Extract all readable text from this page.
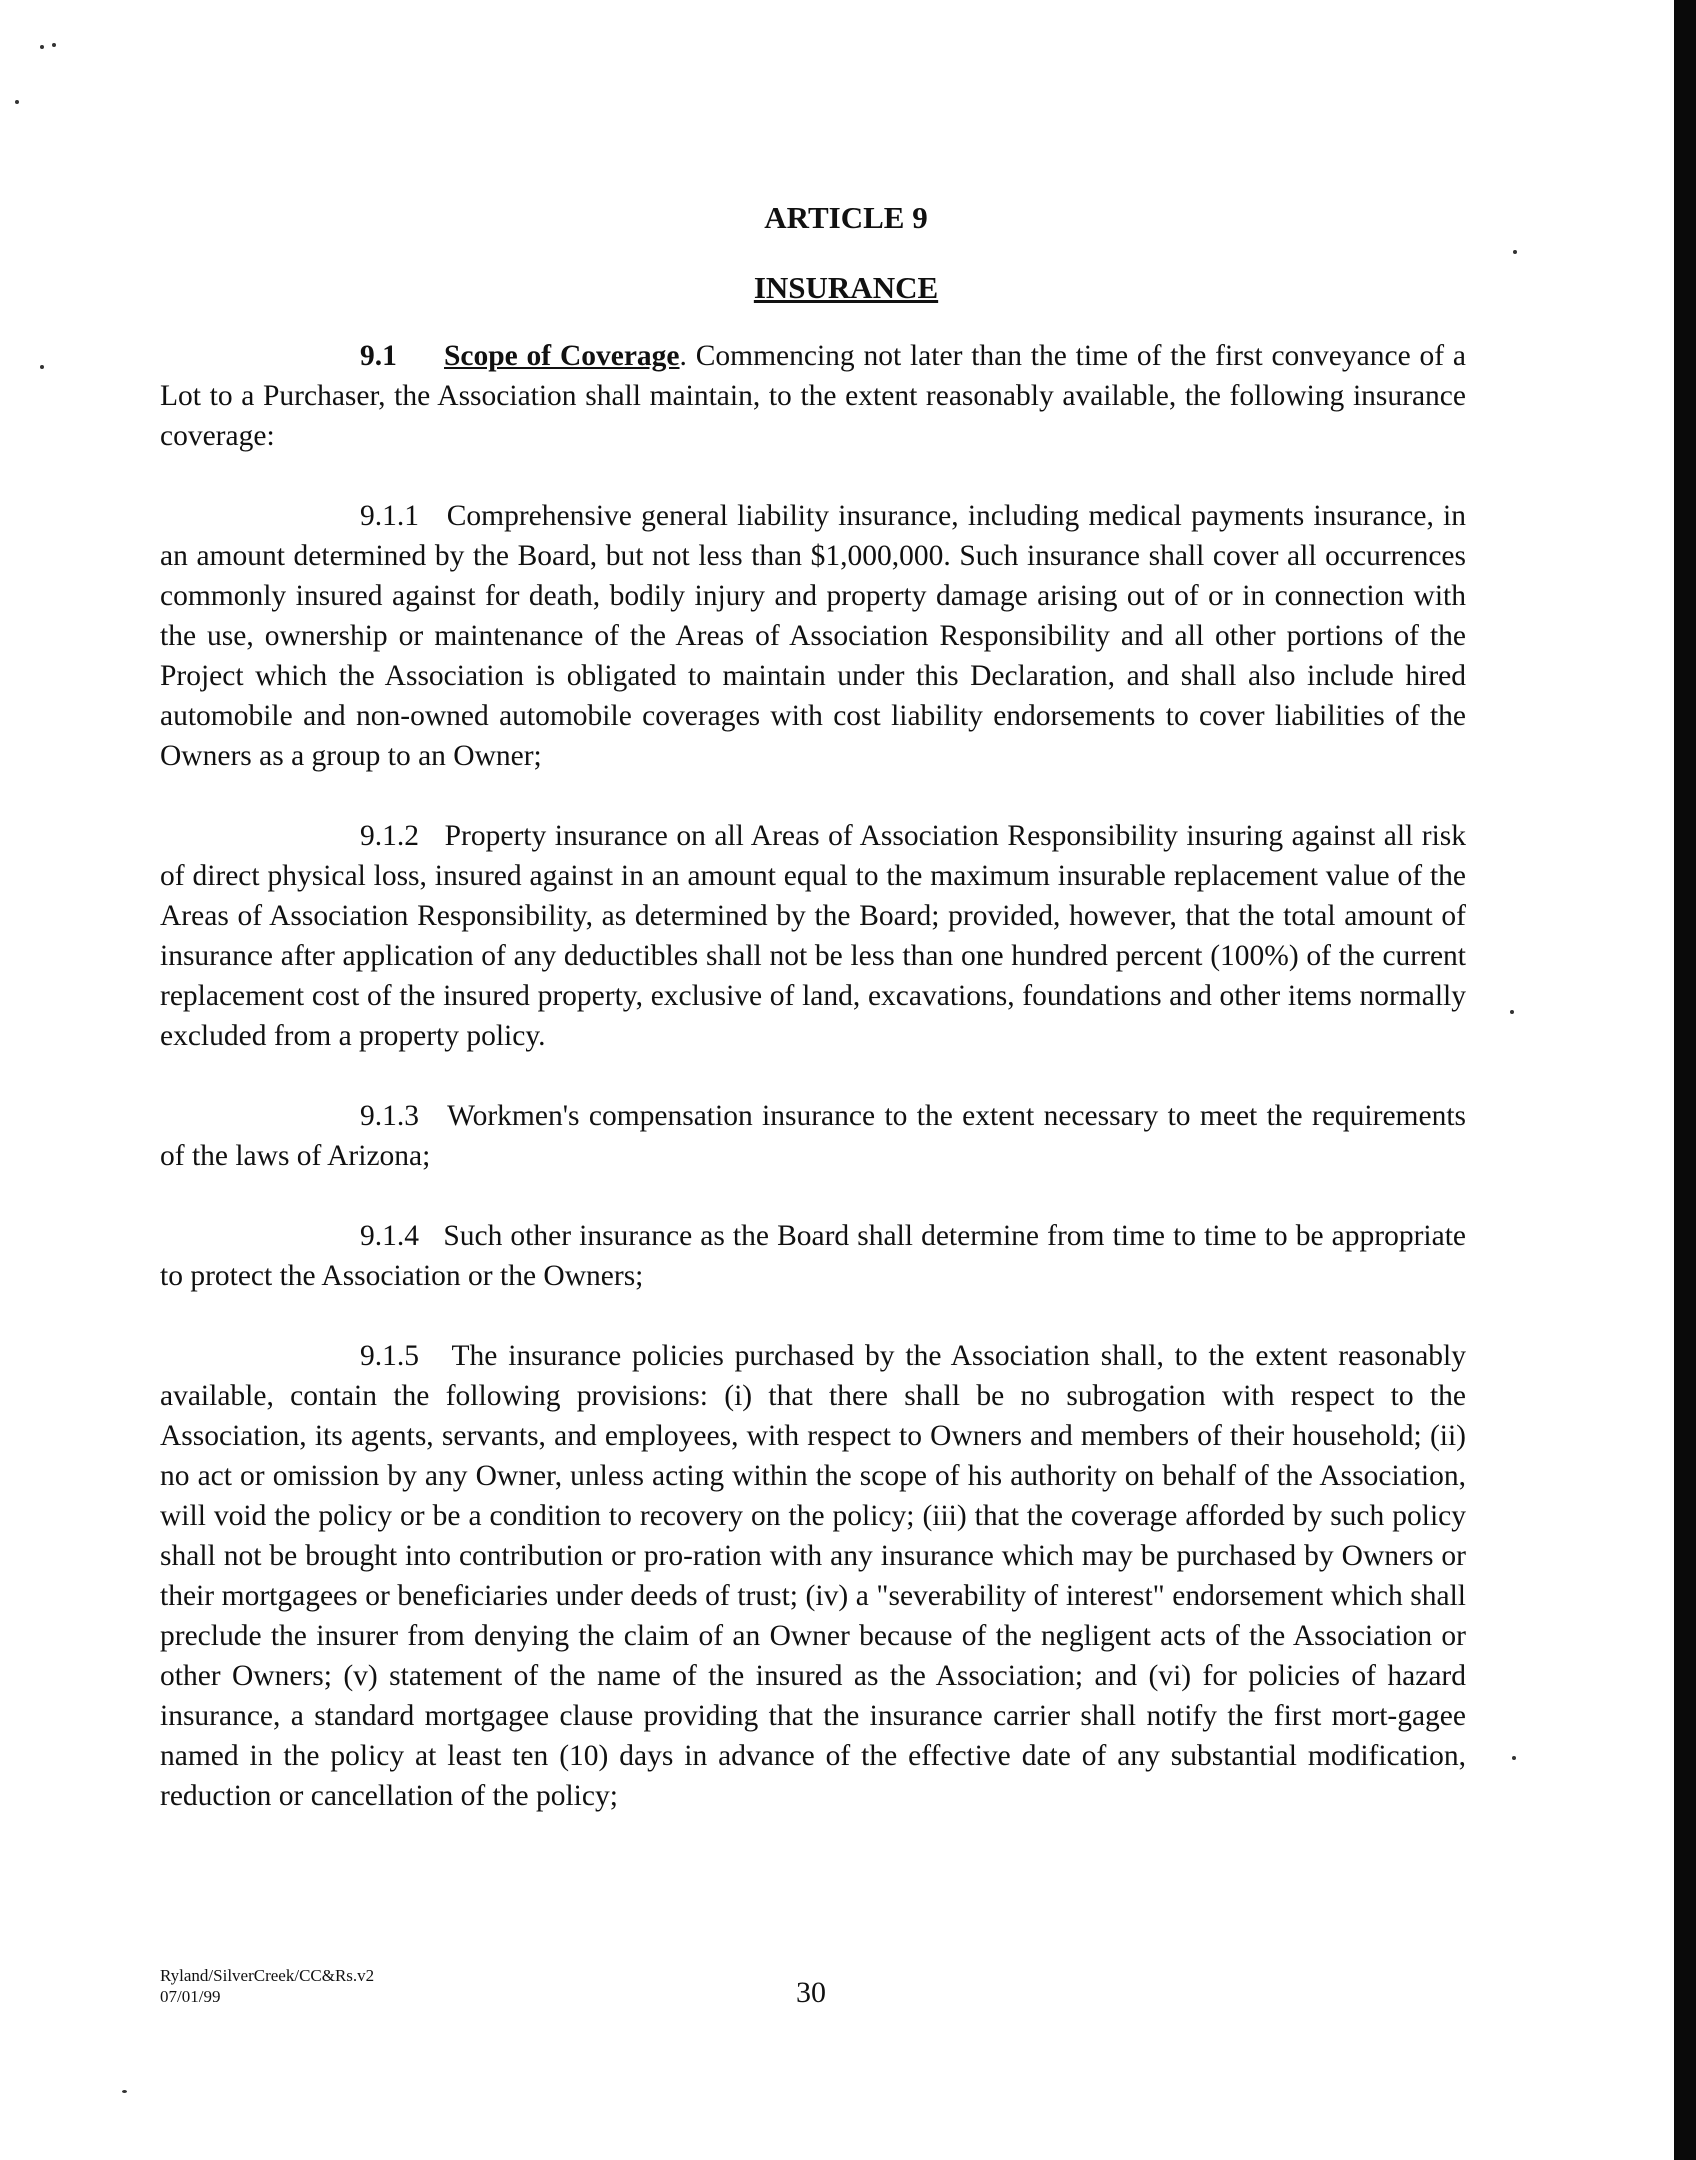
ARTICLE 9
INSURANCE

9.1 Scope of Coverage. Commencing not later than the time of the first conveyance of a Lot to a Purchaser, the Association shall maintain, to the extent reasonably available, the following insurance coverage:

9.1.1 Comprehensive general liability insurance, including medical payments insurance, in an amount determined by the Board, but not less than $1,000,000. Such insurance shall cover all occurrences commonly insured against for death, bodily injury and property damage arising out of or in connection with the use, ownership or maintenance of the Areas of Association Responsibility and all other portions of the Project which the Association is obligated to maintain under this Declaration, and shall also include hired automobile and non-owned automobile coverages with cost liability endorsements to cover liabilities of the Owners as a group to an Owner;

9.1.2 Property insurance on all Areas of Association Responsibility insuring against all risk of direct physical loss, insured against in an amount equal to the maximum insurable replacement value of the Areas of Association Responsibility, as determined by the Board; provided, however, that the total amount of insurance after application of any deductibles shall not be less than one hundred percent (100%) of the current replacement cost of the insured property, exclusive of land, excavations, foundations and other items normally excluded from a property policy.

9.1.3 Workmen's compensation insurance to the extent necessary to meet the requirements of the laws of Arizona;

9.1.4 Such other insurance as the Board shall determine from time to time to be appropriate to protect the Association or the Owners;

9.1.5 The insurance policies purchased by the Association shall, to the extent reasonably available, contain the following provisions: (i) that there shall be no subrogation with respect to the Association, its agents, servants, and employees, with respect to Owners and members of their household; (ii) no act or omission by any Owner, unless acting within the scope of his authority on behalf of the Association, will void the policy or be a condition to recovery on the policy; (iii) that the coverage afforded by such policy shall not be brought into contribution or pro-ration with any insurance which may be purchased by Owners or their mortgagees or beneficiaries under deeds of trust; (iv) a "severability of interest" endorsement which shall preclude the insurer from denying the claim of an Owner because of the negligent acts of the Association or other Owners; (v) statement of the name of the insured as the Association; and (vi) for policies of hazard insurance, a standard mortgagee clause providing that the insurance carrier shall notify the first mort-gagee named in the policy at least ten (10) days in advance of the effective date of any substantial modification, reduction or cancellation of the policy;

Ryland/SilverCreek/CC&Rs.v2
07/01/99	30
